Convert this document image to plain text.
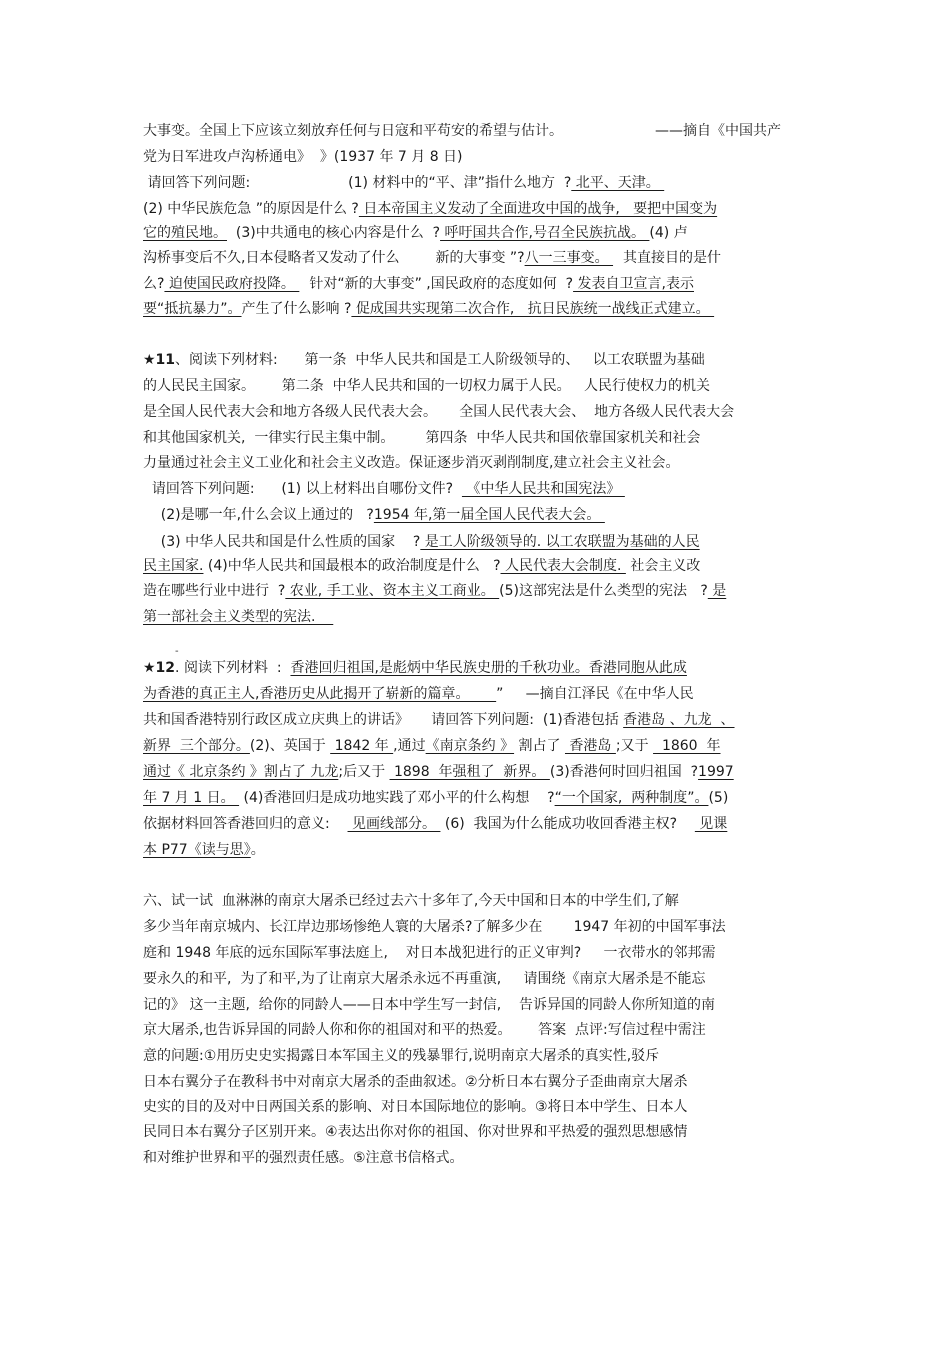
大事变。全国上下应该立刻放弃任何与日寇和平苟安的希望与估计。	——摘自《中国共产
党为日军进攻卢沟桥通电》  》(1937 年 7 月 8 日)
请回答下列问题:	(1) 材料中的“平、津”指什么地方  ? 北平、天津。
(2) 中华民族危急 ”的原因是什么 ? 日本帝国主义发动了全面进攻中国的战争,   要把中国变为
它的殖民地。  (3)中共通电的核心内容是什么  ? 呼吁国共合作,号召全民族抗战。 (4) 卢
沟桥事变后不久,日本侵略者又发动了什么	新的大事变 ”?八一三事变。 其直接目的是什
么? 迫使国民政府投降。 针对“新的大事变” ,国民政府的态度如何  ? 发表自卫宣言,表示
要“抵抗暴力”。产生了什么影响 ? 促成国共实现第二次合作,   抗日民族统一战线正式建立。
★11、阅读下列材料:      第一条  中华人民共和国是工人阶级领导的、   以工农联盟为基础
的人民民主国家。      第二条  中华人民共和国的一切权力属于人民。   人民行使权力的机关
是全国人民代表大会和地方各级人民代表大会。     全国人民代表大会、  地方各级人民代表大会
和其他国家机关,  一律实行民主集中制。       第四条  中华人民共和国依靠国家机关和社会
力量通过社会主义工业化和社会主义改造。保证逐步消灭剥削制度,建立社会主义社会。
请回答下列问题:      (1) 以上材料出自哪份文件?   《中华人民共和国宪法》
(2)是哪一年,什么会议上通过的   ?1954 年,第一届全国人民代表大会。
(3) 中华人民共和国是什么性质的国家    ? 是工人阶级领导的. 以工农联盟为基础的人民
民主国家. (4)中华人民共和国最根本的政治制度是什么   ? 人民代表大会制度.  社会主义改
造在哪些行业中进行  ? 农业, 手工业、资本主义工商业。 (5)这部宪法是什么类型的宪法   ? 是
第一部社会主义类型的宪法.
-
★12. 阅读下列材料  :  香港回归祖国,是彪炳中华民族史册的千秋功业。香港同胞从此成
为香港的真正主人,香港历史从此揭开了崭新的篇章。      ”     —摘自江泽民《在中华人民
共和国香港特别行政区成立庆典上的讲话》     请回答下列问题:  (1)香港包括 香港岛 、九龙  、
新界  三个部分。(2)、英国于  1842 年 ,通过《南京条约 》 割占了  香港岛 ;又于   1860  年
通过《 北京条约 》割占了 九龙;后又于  1898  年强租了  新界。 (3)香港何时回归祖国  ?1997
年 7 月 1 日。  (4)香港回归是成功地实践了邓小平的什么构想    ?“一个国家,  两种制度”。(5)
依据材料回答香港回归的意义:     见画线部分。  (6)  我国为什么能成功收回香港主权?     见课
本 P77《读与思》。
六、试一试  血淋淋的南京大屠杀已经过去六十多年了,今天中国和日本的中学生们,了解
多少当年南京城内、长江岸边那场惨绝人寰的大屠杀?了解多少在       1947 年初的中国军事法
庭和 1948 年底的远东国际军事法庭上,    对日本战犯进行的正义审判?     一衣带水的邻邦需
要永久的和平,  为了和平,为了让南京大屠杀永远不再重演,     请围绕《南京大屠杀是不能忘
记的》 这一主题,  给你的同龄人——日本中学生写一封信,    告诉异国的同龄人你所知道的南
京大屠杀,也告诉异国的同龄人你和你的祖国对和平的热爱。      答案  点评:写信过程中需注
意的问题:①用历史史实揭露日本军国主义的残暴罪行,说明南京大屠杀的真实性,驳斥
日本右翼分子在教科书中对南京大屠杀的歪曲叙述。②分析日本右翼分子歪曲南京大屠杀
史实的目的及对中日两国关系的影响、对日本国际地位的影响。③将日本中学生、日本人
民同日本右翼分子区别开来。④表达出你对你的祖国、你对世界和平热爱的强烈思想感情
和对维护世界和平的强烈责任感。⑤注意书信格式。
